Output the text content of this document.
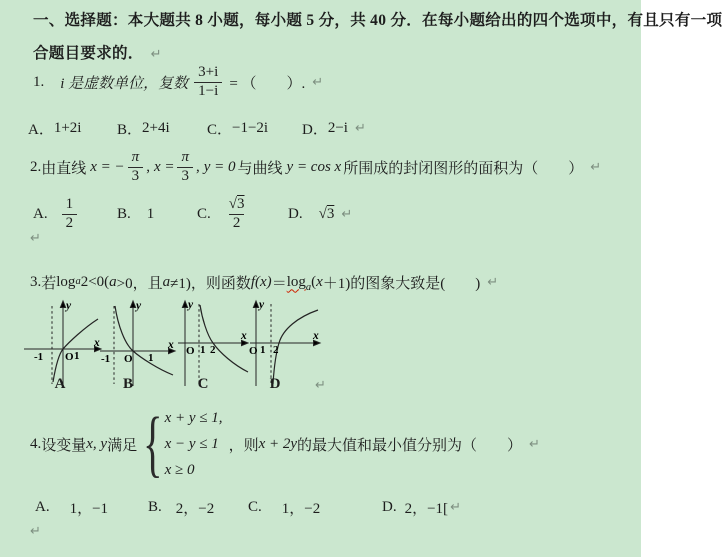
一、选择题：本大题共 8 小题，每小题 5 分，共 40 分．在每小题给出的四个选项中，有且只有一项
合题目要求的． ↵
1. i 是虚数单位，复数 $\frac{3+i}{1-i}$ = （　　）. ↵
A． 1+2i B． 2+4i C． −1−2i D． 2−i ↵
2. 由直线 x = − $\frac{\pi}{3}$ , $x = \frac{\pi}{3}$ , y = 0 与曲线 y = cos x 所围成的封闭图形的面积为（　　） ↵
A. $\frac{1}{2}$	B. 1	C. $\frac{√3}{2}$	D. √3 ↵
↵
3. 若 log a 2<0( a >0，且 a ≠1)，则函数 $f(x) = \log_a$ ( x ＋1) 的图象大致是(　　) ↵
y
x
-1 O 1
y
x
-1 O 1
y
x
O 1 2
y
x
O 1 2
A	B	C	D	↵
4. 设变量 x, y 满足 { x + y ≤ 1,
x − y ≤ 1
x ≥ 0
，则 x + 2y 的最大值和最小值分别为（　　） ↵
A. 1，−1	B. 2，−2 C. 1，−2	D. 2，−1[ ↵
↵
